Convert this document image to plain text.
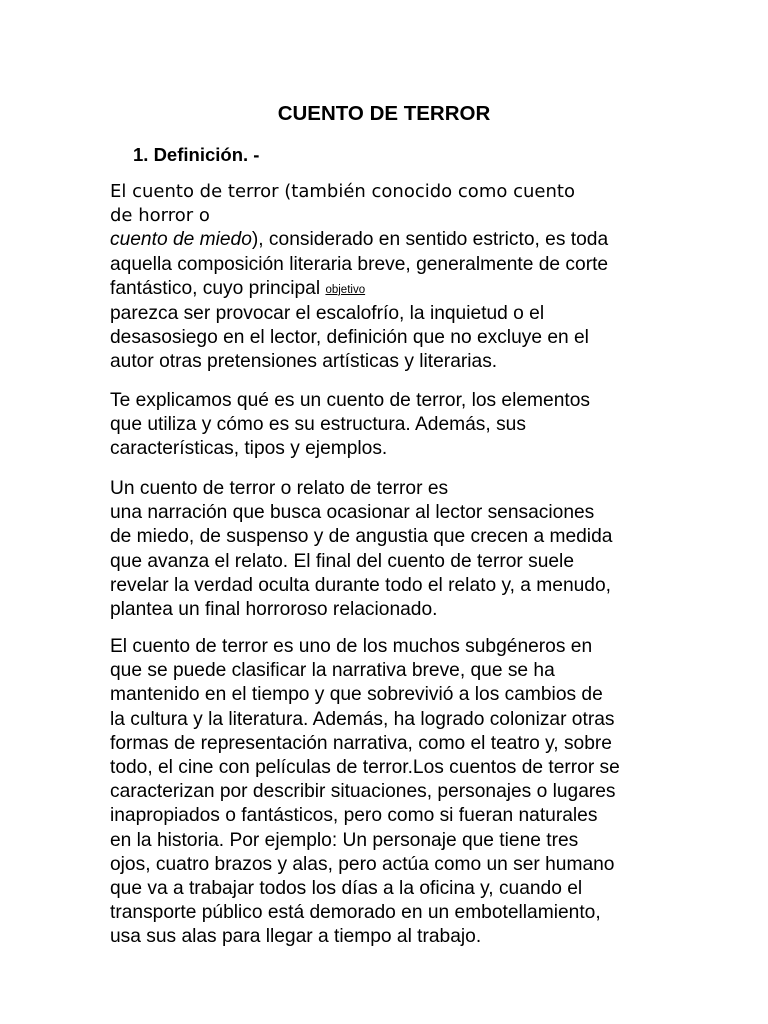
CUENTO DE TERROR
1. Definición. -
El cuento de terror (también conocido como cuento
de horror o
cuento de miedo), considerado en sentido estricto, es toda
aquella composición literaria breve, generalmente de corte
fantástico, cuyo principal objetivo
parezca ser provocar el escalofrío, la inquietud o el
desasosiego en el lector, definición que no excluye en el
autor otras pretensiones artísticas y literarias.
Te explicamos qué es un cuento de terror, los elementos
que utiliza y cómo es su estructura. Además, sus
características, tipos y ejemplos.
Un cuento de terror o relato de terror es
una narración que busca ocasionar al lector sensaciones
de miedo, de suspenso y de angustia que crecen a medida
que avanza el relato. El final del cuento de terror suele
revelar la verdad oculta durante todo el relato y, a menudo,
plantea un final horroroso relacionado.
El cuento de terror es uno de los muchos subgéneros en
que se puede clasificar la narrativa breve, que se ha
mantenido en el tiempo y que sobrevivió a los cambios de
la cultura y la literatura. Además, ha logrado colonizar otras
formas de representación narrativa, como el teatro y, sobre
todo, el cine con películas de terror.Los cuentos de terror se
caracterizan por describir situaciones, personajes o lugares
inapropiados o fantásticos, pero como si fueran naturales
en la historia. Por ejemplo: Un personaje que tiene tres
ojos, cuatro brazos y alas, pero actúa como un ser humano
que va a trabajar todos los días a la oficina y, cuando el
transporte público está demorado en un embotellamiento,
usa sus alas para llegar a tiempo al trabajo.
